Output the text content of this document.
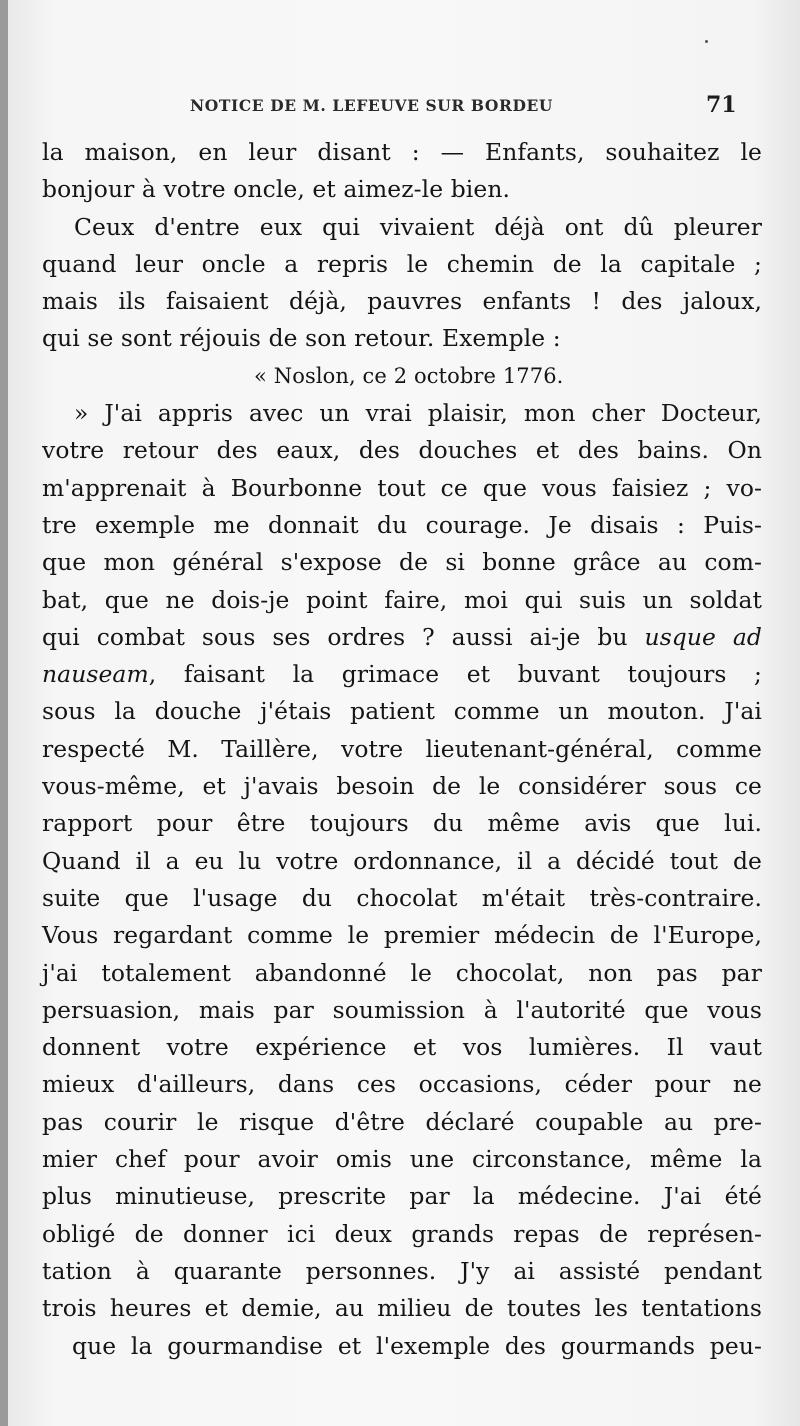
NOTICE DE M. LEFEUVE SUR BORDEU	71
la maison, en leur disant : — Enfants, souhaitez le
bonjour à votre oncle, et aimez-le bien.
Ceux d'entre eux qui vivaient déjà ont dû pleurer
quand leur oncle a repris le chemin de la capitale ;
mais ils faisaient déjà, pauvres enfants ! des jaloux,
qui se sont réjouis de son retour. Exemple :
« Noslon, ce 2 octobre 1776.
» J'ai appris avec un vrai plaisir, mon cher Docteur,
votre retour des eaux, des douches et des bains. On
m'apprenait à Bourbonne tout ce que vous faisiez ; vo-
tre exemple me donnait du courage. Je disais : Puis-
que mon général s'expose de si bonne grâce au com-
bat, que ne dois-je point faire, moi qui suis un soldat
qui combat sous ses ordres ? aussi ai-je bu usque ad
nauseam, faisant la grimace et buvant toujours ;
sous la douche j'étais patient comme un mouton. J'ai
respecté M. Taillère, votre lieutenant-général, comme
vous-même, et j'avais besoin de le considérer sous ce
rapport pour être toujours du même avis que lui.
Quand il a eu lu votre ordonnance, il a décidé tout de
suite que l'usage du chocolat m'était très-contraire.
Vous regardant comme le premier médecin de l'Europe,
j'ai totalement abandonné le chocolat, non pas par
persuasion, mais par soumission à l'autorité que vous
donnent votre expérience et vos lumières. Il vaut
mieux d'ailleurs, dans ces occasions, céder pour ne
pas courir le risque d'être déclaré coupable au pre-
mier chef pour avoir omis une circonstance, même la
plus minutieuse, prescrite par la médecine. J'ai été
obligé de donner ici deux grands repas de représen-
tation à quarante personnes. J'y ai assisté pendant
trois heures et demie, au milieu de toutes les tentations
que la gourmandise et l'exemple des gourmands peu-
